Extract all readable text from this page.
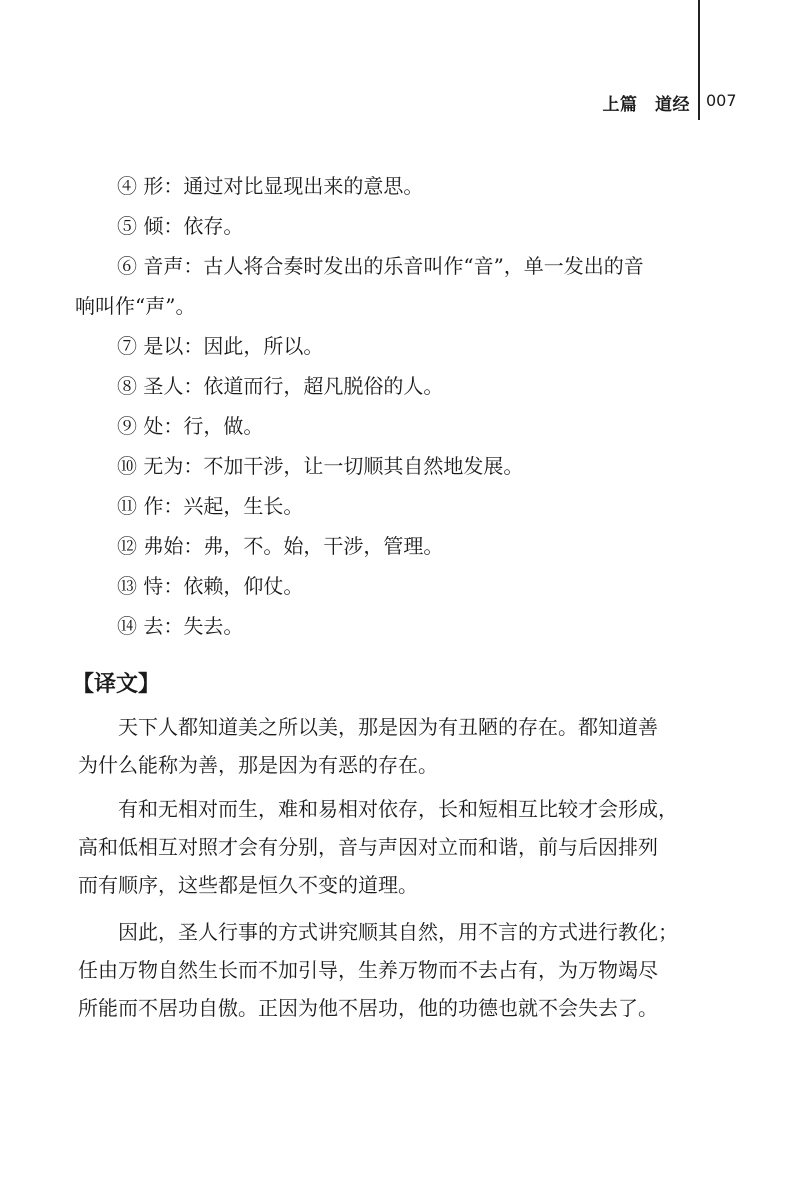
上篇　道经 007
④ 形：通过对比显现出来的意思。
⑤ 倾：依存。
⑥ 音声：古人将合奏时发出的乐音叫作“音”，单一发出的音
响叫作“声”。
⑦ 是以：因此，所以。
⑧ 圣人：依道而行，超凡脱俗的人。
⑨ 处：行，做。
⑩ 无为：不加干涉，让一切顺其自然地发展。
⑪ 作：兴起，生长。
⑫ 弗始：弗，不。始，干涉，管理。
⑬ 恃：依赖，仰仗。
⑭ 去：失去。
【译文】
天下人都知道美之所以美，那是因为有丑陋的存在。都知道善
为什么能称为善，那是因为有恶的存在。
有和无相对而生，难和易相对依存，长和短相互比较才会形成，
高和低相互对照才会有分别，音与声因对立而和谐，前与后因排列
而有顺序，这些都是恒久不变的道理。
因此，圣人行事的方式讲究顺其自然，用不言的方式进行教化；
任由万物自然生长而不加引导，生养万物而不去占有，为万物竭尽
所能而不居功自傲。正因为他不居功，他的功德也就不会失去了。
